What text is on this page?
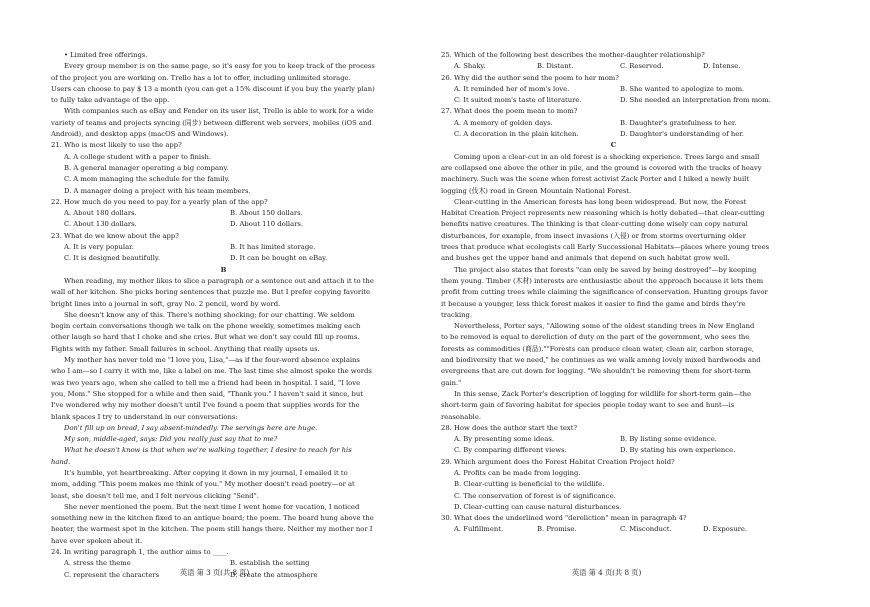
• Limited free offerings.
Every group member is on the same page, so it's easy for you to keep track of the process
of the project you are working on. Trello has a lot to offer, including unlimited storage.
Users can choose to pay $ 13 a month (you can get a 15% discount if you buy the yearly plan)
to fully take advantage of the app.
With companies such as eBay and Fender on its user list, Trello is able to work for a wide
variety of teams and projects syncing (同步) between different web servers, mobiles (iOS and
Android), and desktop apps (macOS and Windows).
21. Who is most likely to use the app?
A. A college student with a paper to finish.
B. A general manager operating a big company.
C. A mom managing the schedule for the family.
D. A manager doing a project with his team members.
22. How much do you need to pay for a yearly plan of the app?
A. About 180 dollars.	B. About 150 dollars.
C. About 130 dollars.	D. About 110 dollars.
23. What do we know about the app?
A. It is very popular.	B. It has limited storage.
C. It is designed beautifully.	D. It can be bought on eBay.
B
When reading, my mother likes to slice a paragraph or a sentence out and attach it to the
wall of her kitchen. She picks boring sentences that puzzle me. But I prefer copying favorite
bright lines into a journal in soft, gray No. 2 pencil, word by word.
She doesn't know any of this. There's nothing shocking; for our chatting. We seldom
begin certain conversations though we talk on the phone weekly, sometimes making each
other laugh so hard that I choke and she cries. But what we don't say could fill up rooms.
Fights with my father. Small failures in school. Anything that really upsets us.
My mother has never told me "I love you, Lisa,"—as if the four-word absence explains
who I am—so I carry it with me, like a label on me. The last time she almost spoke the words
was two years ago, when she called to tell me a friend had been in hospital. I said, "I love
you, Mom." She stopped for a while and then said, "Thank you." I haven't said it since, but
I've wondered why my mother doesn't until I've found a poem that supplies words for the
blank spaces I try to understand in our conversations:
Don't fill up on bread, I say absent-mindedly. The servings here are huge.
My son, middle-aged, says: Did you really just say that to me?
What he doesn't know is that when we're walking together, I desire to reach for his
hand.
It's humble, yet heartbreaking. After copying it down in my journal, I emailed it to
mom, adding "This poem makes me think of you." My mother doesn't read poetry—or at
least, she doesn't tell me, and I felt nervous clicking "Send".
She never mentioned the poem. But the next time I went home for vacation, I noticed
something new in the kitchen fixed to an antique board; the poem. The board hung above the
heater, the warmest spot in the kitchen. The poem still hangs there. Neither my mother nor I
have ever spoken about it.
24. In writing paragraph 1, the author aims to ____.
A. stress the theme	B. establish the setting
C. represent the characters	D. create the atmosphere
英语 第 3 页(共 8 页)
25. Which of the following best describes the mother-daughter relationship?
A. Shaky.	B. Distant.	C. Reserved.	D. Intense.
26. Why did the author send the poem to her mom?
A. It reminded her of mom's love.	B. She wanted to apologize to mom.
C. It suited mom's taste of literature.	D. She needed an interpretation from mom.
27. What does the poem mean to mom?
A. A memory of golden days.	B. Daughter's gratefulness to her.
C. A decoration in the plain kitchen.	D. Daughter's understanding of her.
C
Coming upon a clear-cut in an old forest is a shocking experience. Trees large and small
are collapsed one above the other in pile, and the ground is covered with the tracks of heavy
machinery. Such was the scene when forest activist Zack Porter and I hiked a newly built
logging (伐木) road in Green Mountain National Forest.
Clear-cutting in the American forests has long been widespread. But now, the Forest
Habitat Creation Project represents new reasoning which is hotly debated—that clear-cutting
benefits native creatures. The thinking is that clear-cutting done wisely can copy natural
disturbances, for example, from insect invasions (入侵) or from storms overturning older
trees that produce what ecologists call Early Successional Habitats—places where young trees
and bushes get the upper hand and animals that depend on such habitat grow well.
The project also states that forests "can only be saved by being destroyed"—by keeping
them young. Timber (木材) interests are enthusiastic about the approach because it lets them
profit from cutting trees while claiming the significance of conservation. Hunting groups favor
it because a younger, less thick forest makes it easier to find the game and birds they're
tracking.
Nevertheless, Porter says, "Allowing some of the oldest standing trees in New England
to be removed is equal to dereliction of duty on the part of the government, who sees the
forests as commodities (商品).""Forests can produce clean water, clean air, carbon storage,
and biodiversity that we need," he continues as we walk among lovely mixed hardwoods and
evergreens that are cut down for logging. "We shouldn't be removing them for short-term
gain."
In this sense, Zack Porter's description of logging for wildlife for short-term gain—the
short-term gain of favoring habitat for species people today want to see and hunt—is
reasonable.
28. How does the author start the text?
A. By presenting some ideas.	B. By listing some evidence.
C. By comparing different views.	D. By stating his own experience.
29. Which argument does the Forest Habitat Creation Project hold?
A. Profits can be made from logging.
B. Clear-cutting is beneficial to the wildlife.
C. The conservation of forest is of significance.
D. Clear-cutting can cause natural disturbances.
30. What does the underlined word "dereliction" mean in paragraph 4?
A. Fulfillment.	B. Promise.	C. Misconduct.	D. Exposure.
英语 第 4 页(共 8 页)
